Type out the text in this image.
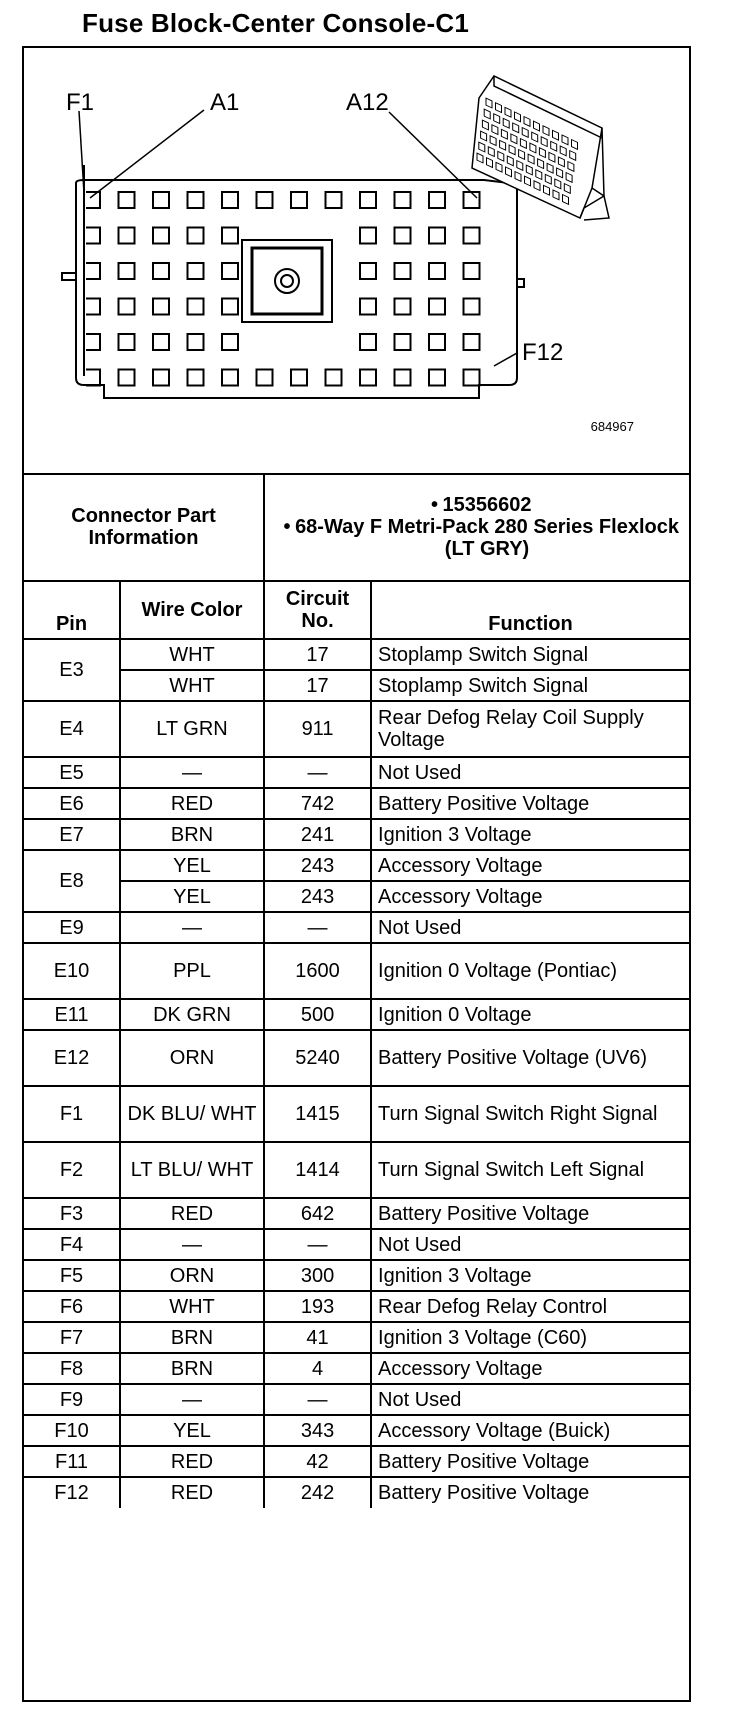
Fuse Block-Center Console-C1
F1	A1	A12
F12
684967
Connector Part Information		• 15356602
• 68-Way F Metri-Pack 280 Series Flexlock (LT GRY)

Pin	Wire Color	Circuit No.	Function
E3	WHT	17	Stoplamp Switch Signal
	WHT	17	Stoplamp Switch Signal
E4	LT GRN	911	Rear Defog Relay Coil Supply Voltage
E5	—	—	Not Used
E6	RED	742	Battery Positive Voltage
E7	BRN	241	Ignition 3 Voltage
E8	YEL	243	Accessory Voltage
	YEL	243	Accessory Voltage
E9	—	—	Not Used
E10	PPL	1600	Ignition 0 Voltage (Pontiac)
E11	DK GRN	500	Ignition 0 Voltage
E12	ORN	5240	Battery Positive Voltage (UV6)
F1	DK BLU/ WHT	1415	Turn Signal Switch Right Signal
F2	LT BLU/ WHT	1414	Turn Signal Switch Left Signal
F3	RED	642	Battery Positive Voltage
F4	—	—	Not Used
F5	ORN	300	Ignition 3 Voltage
F6	WHT	193	Rear Defog Relay Control
F7	BRN	41	Ignition 3 Voltage (C60)
F8	BRN	4	Accessory Voltage
F9	—	—	Not Used
F10	YEL	343	Accessory Voltage (Buick)
F11	RED	42	Battery Positive Voltage
F12	RED	242	Battery Positive Voltage
